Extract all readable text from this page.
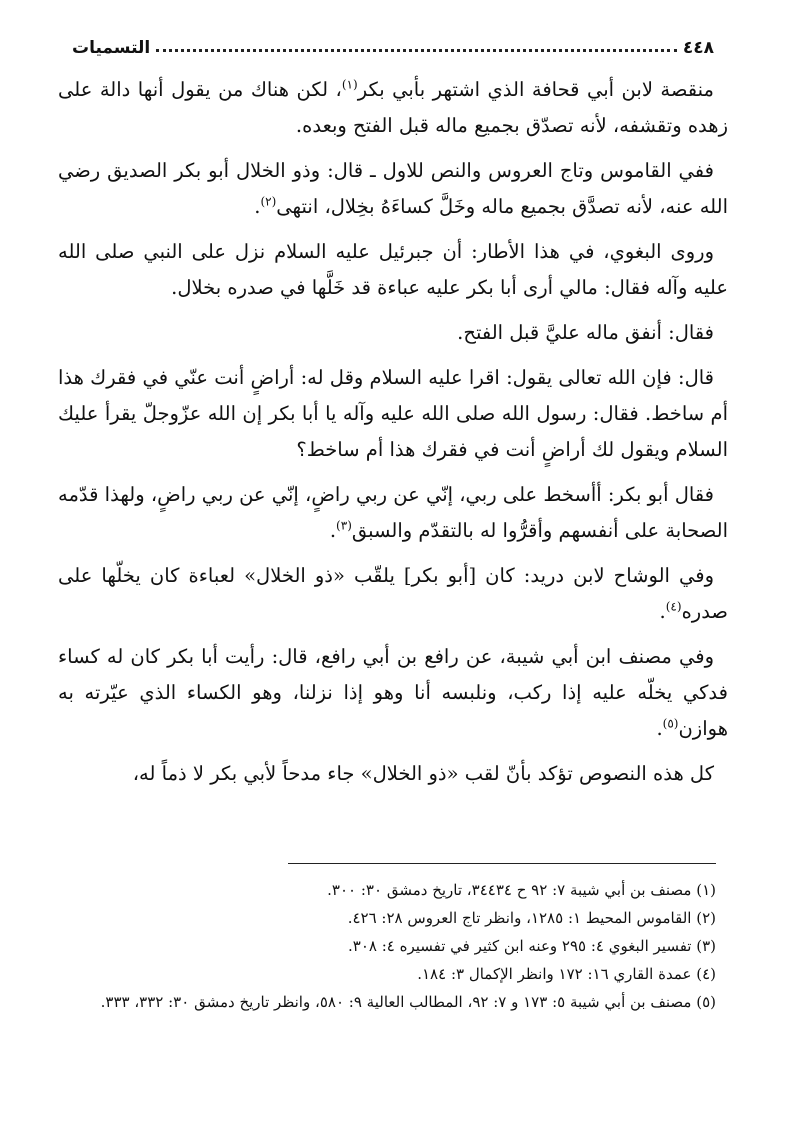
٤٤٨
التسميات

منقصة لابن أبي قحافة الذي اشتهر بأبي بكر$^{(١)}$، لكن هناك من يقول أنها دالة على زهده وتقشفه، لأنه تصدّق بجميع ماله قبل الفتح وبعده.

ففي القاموس وتاج العروس والنص للاول ـ قال: وذو الخلال أبو بكر الصديق رضي الله عنه، لأنه تصدَّق بجميع ماله وخَلَّ كساءَهُ بخِلال، انتهى$^{(٢)}$.

وروى البغوي، في هذا الأطار: أن جبرئيل عليه السلام نزل على النبي صلى الله عليه وآله فقال: مالي أرى أبا بكر عليه عباءة قد خَلَّها في صدره بخلال.

فقال: أنفق ماله عليَّ قبل الفتح.

قال: فإن الله تعالى يقول: اقرا عليه السلام وقل له: أراضٍ أنت عنّي في فقرك هذا أم ساخط. فقال: رسول الله صلى الله عليه وآله يا أبا بكر إن الله عزّوجلّ يقرأ عليك السلام ويقول لك أراضٍ أنت في فقرك هذا أم ساخط؟

فقال أبو بكر: أأسخط على ربي، إنّي عن ربي راضٍ، إنّي عن ربي راضٍ، ولهذا قدّمه الصحابة على أنفسهم وأقرُّوا له بالتقدّم والسبق$^{(٣)}$.

وفي الوشاح لابن دريد: كان [أبو بكر] يلقّب «ذو الخلال» لعباءة كان يخلّها على صدره$^{(٤)}$.

وفي مصنف ابن أبي شيبة، عن رافع بن أبي رافع، قال: رأيت أبا بكر كان له كساء فدكي يخلّه عليه إذا ركب، ونلبسه أنا وهو إذا نزلنا، وهو الكساء الذي عيّرته به هوازن$^{(٥)}$.

كل هذه النصوص تؤكد بأنّ لقب «ذو الخلال» جاء مدحاً لأبي بكر لا ذماً له،

(١) مصنف بن أبي شيبة ٧: ٩٢ ح ٣٤٤٣٤، تاريخ دمشق ٣٠: ٣٠٠.

(٢) القاموس المحيط ١: ١٢٨٥، وانظر تاج العروس ٢٨: ٤٢٦.

(٣) تفسير البغوي ٤: ٢٩٥ وعنه ابن كثير في تفسيره ٤: ٣٠٨.

(٤) عمدة القاري ١٦: ١٧٢ وانظر الإكمال ٣: ١٨٤.

(٥) مصنف بن أبي شيبة ٥: ١٧٣ و ٧: ٩٢، المطالب العالية ٩: ٥٨٠، وانظر تاريخ دمشق ٣٠: ٣٣٢، ٣٣٣.
